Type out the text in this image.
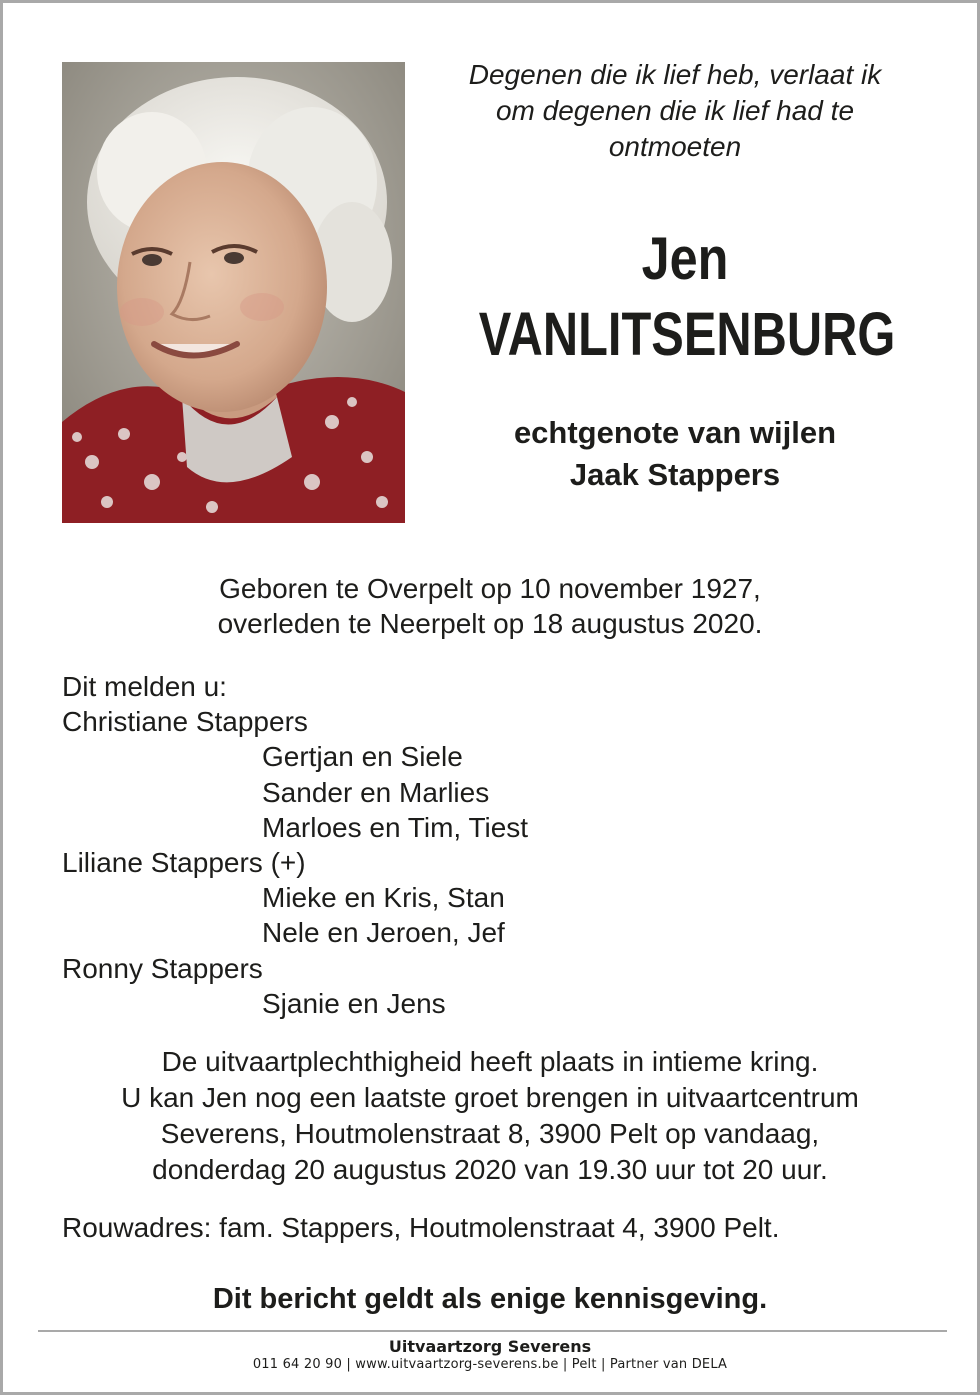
Degenen die ik lief heb, verlaat ik
om degenen die ik lief had te
ontmoeten
Jen
VANLITSENBURG
echtgenote van wijlen
Jaak Stappers
Geboren te Overpelt op 10 november 1927,
overleden te Neerpelt op 18 augustus 2020.
Dit melden u:
Christiane Stappers
Gertjan en Siele
Sander en Marlies
Marloes en Tim, Tiest
Liliane Stappers (+)
Mieke en Kris, Stan
Nele en Jeroen, Jef
Ronny Stappers
Sjanie en Jens
De uitvaartplechthigheid heeft plaats in intieme kring.
U kan Jen nog een laatste groet brengen in uitvaartcentrum
Severens, Houtmolenstraat 8, 3900 Pelt op vandaag,
donderdag 20 augustus 2020 van 19.30 uur tot 20 uur.
Rouwadres: fam. Stappers, Houtmolenstraat 4, 3900 Pelt.
Dit bericht geldt als enige kennisgeving.
Uitvaartzorg Severens
011 64 20 90 | www.uitvaartzorg-severens.be | Pelt | Partner van DELA
